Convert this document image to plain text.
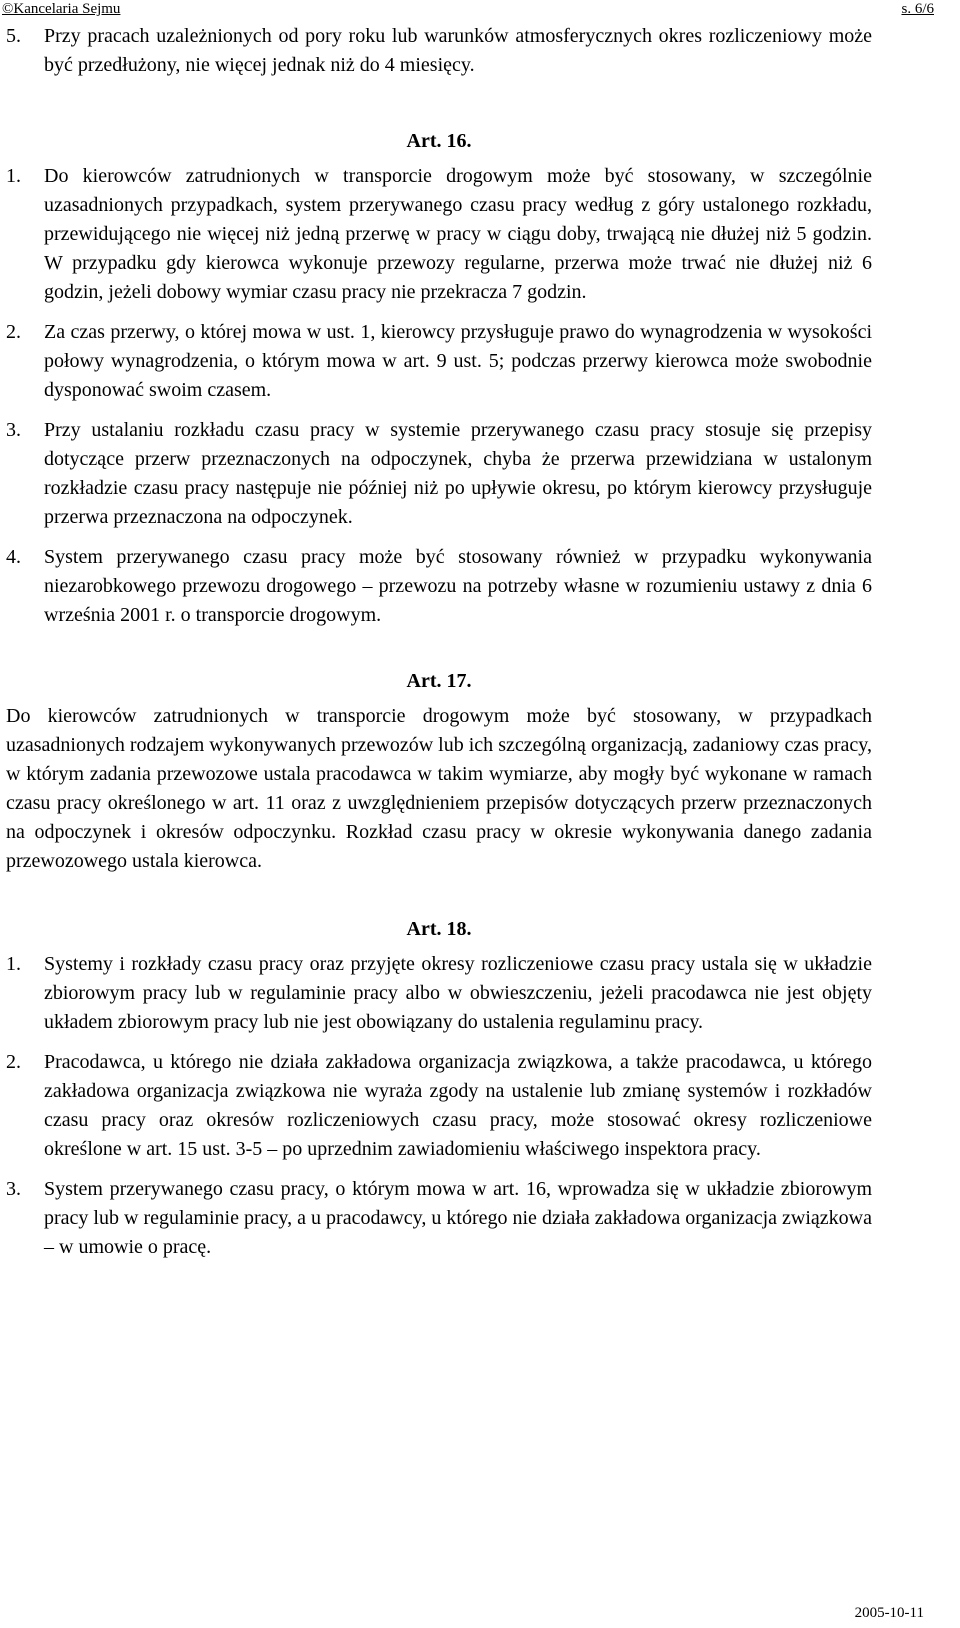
©Kancelaria Sejmu	s. 6/6
5.	Przy pracach uzależnionych od pory roku lub warunków atmosferycznych okres rozliczeniowy może być przedłużony, nie więcej jednak niż do 4 miesięcy.
Art. 16.
1.	Do kierowców zatrudnionych w transporcie drogowym może być stosowany, w szczególnie uzasadnionych przypadkach, system przerywanego czasu pracy według z góry ustalonego rozkładu, przewidującego nie więcej niż jedną przerwę w pracy w ciągu doby, trwającą nie dłużej niż 5 godzin. W przypadku gdy kierowca wykonuje przewozy regularne, przerwa może trwać nie dłużej niż 6 godzin, jeżeli dobowy wymiar czasu pracy nie przekracza 7 godzin.
2.	Za czas przerwy, o której mowa w ust. 1, kierowcy przysługuje prawo do wynagrodzenia w wysokości połowy wynagrodzenia, o którym mowa w art. 9 ust. 5; podczas przerwy kierowca może swobodnie dysponować swoim czasem.
3.	Przy ustalaniu rozkładu czasu pracy w systemie przerywanego czasu pracy stosuje się przepisy dotyczące przerw przeznaczonych na odpoczynek, chyba że przerwa przewidziana w ustalonym rozkładzie czasu pracy następuje nie później niż po upływie okresu, po którym kierowcy przysługuje przerwa przeznaczona na odpoczynek.
4.	System przerywanego czasu pracy może być stosowany również w przypadku wykonywania niezarobkowego przewozu drogowego – przewozu na potrzeby własne w rozumieniu ustawy z dnia 6 września 2001 r. o transporcie drogowym.
Art. 17.
Do kierowców zatrudnionych w transporcie drogowym może być stosowany, w przypadkach uzasadnionych rodzajem wykonywanych przewozów lub ich szczególną organizacją, zadaniowy czas pracy, w którym zadania przewozowe ustala pracodawca w takim wymiarze, aby mogły być wykonane w ramach czasu pracy określonego w art. 11 oraz z uwzględnieniem przepisów dotyczących przerw przeznaczonych na odpoczynek i okresów odpoczynku. Rozkład czasu pracy w okresie wykonywania danego zadania przewozowego ustala kierowca.
Art. 18.
1.	Systemy i rozkłady czasu pracy oraz przyjęte okresy rozliczeniowe czasu pracy ustala się w układzie zbiorowym pracy lub w regulaminie pracy albo w obwieszczeniu, jeżeli pracodawca nie jest objęty układem zbiorowym pracy lub nie jest obowiązany do ustalenia regulaminu pracy.
2.	Pracodawca, u którego nie działa zakładowa organizacja związkowa, a także pracodawca, u którego zakładowa organizacja związkowa nie wyraża zgody na ustalenie lub zmianę systemów i rozkładów czasu pracy oraz okresów rozliczeniowych czasu pracy, może stosować okresy rozliczeniowe określone w art. 15 ust. 3-5 – po uprzednim zawiadomieniu właściwego inspektora pracy.
3.	System przerywanego czasu pracy, o którym mowa w art. 16, wprowadza się w układzie zbiorowym pracy lub w regulaminie pracy, a u pracodawcy, u którego nie działa zakładowa organizacja związkowa – w umowie o pracę.
2005-10-11
